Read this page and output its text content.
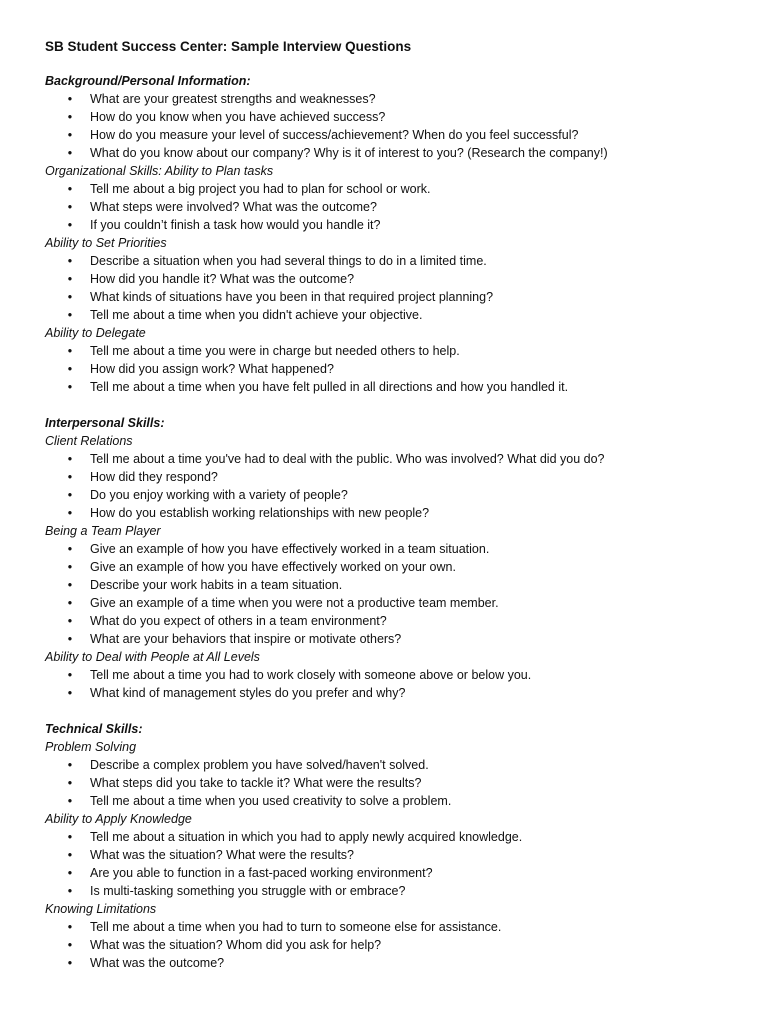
SB Student Success Center: Sample Interview Questions
Background/Personal Information:
• What are your greatest strengths and weaknesses?
• How do you know when you have achieved success?
• How do you measure your level of success/achievement? When do you feel successful?
• What do you know about our company? Why is it of interest to you? (Research the company!)
Organizational Skills: Ability to Plan tasks
• Tell me about a big project you had to plan for school or work.
• What steps were involved? What was the outcome?
• If you couldn’t finish a task how would you handle it?
Ability to Set Priorities
• Describe a situation when you had several things to do in a limited time.
• How did you handle it? What was the outcome?
• What kinds of situations have you been in that required project planning?
• Tell me about a time when you didn't achieve your objective.
Ability to Delegate
• Tell me about a time you were in charge but needed others to help.
• How did you assign work? What happened?
• Tell me about a time when you have felt pulled in all directions and how you handled it.
Interpersonal Skills:
Client Relations
• Tell me about a time you've had to deal with the public. Who was involved? What did you do?
• How did they respond?
• Do you enjoy working with a variety of people?
• How do you establish working relationships with new people?
Being a Team Player
• Give an example of how you have effectively worked in a team situation.
• Give an example of how you have effectively worked on your own.
• Describe your work habits in a team situation.
• Give an example of a time when you were not a productive team member.
• What do you expect of others in a team environment?
• What are your behaviors that inspire or motivate others?
Ability to Deal with People at All Levels
• Tell me about a time you had to work closely with someone above or below you.
• What kind of management styles do you prefer and why?
Technical Skills:
Problem Solving
• Describe a complex problem you have solved/haven't solved.
• What steps did you take to tackle it? What were the results?
• Tell me about a time when you used creativity to solve a problem.
Ability to Apply Knowledge
• Tell me about a situation in which you had to apply newly acquired knowledge.
• What was the situation? What were the results?
• Are you able to function in a fast-paced working environment?
• Is multi-tasking something you struggle with or embrace?
Knowing Limitations
• Tell me about a time when you had to turn to someone else for assistance.
• What was the situation? Whom did you ask for help?
• What was the outcome?
